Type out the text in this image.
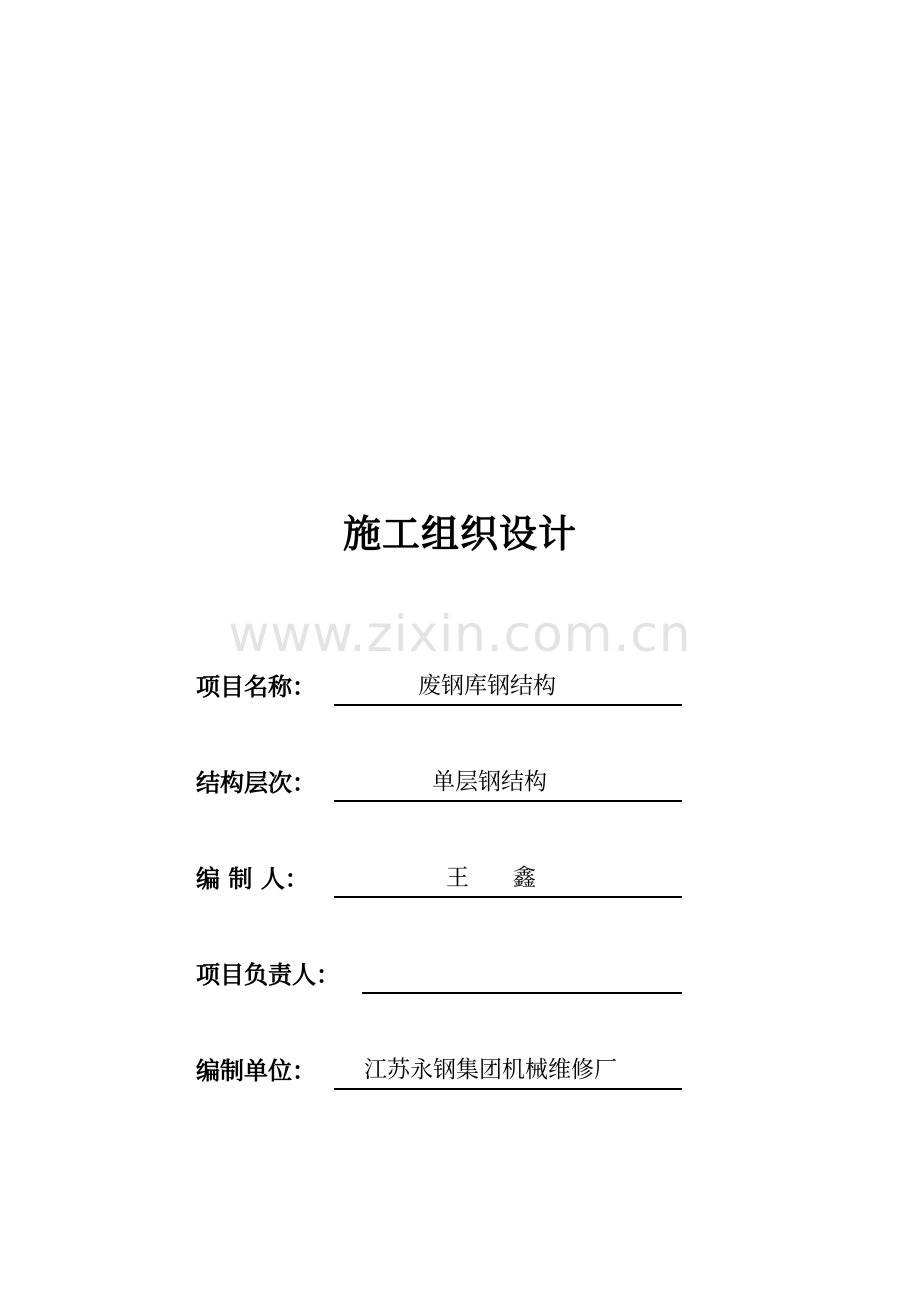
施工组织设计
www.zixin.com.cn
项目名称：	废钢库钢结构
结构层次：	单层钢结构
编 制 人：	王      鑫
项目负责人：
编制单位： 江苏永钢集团机械维修厂
